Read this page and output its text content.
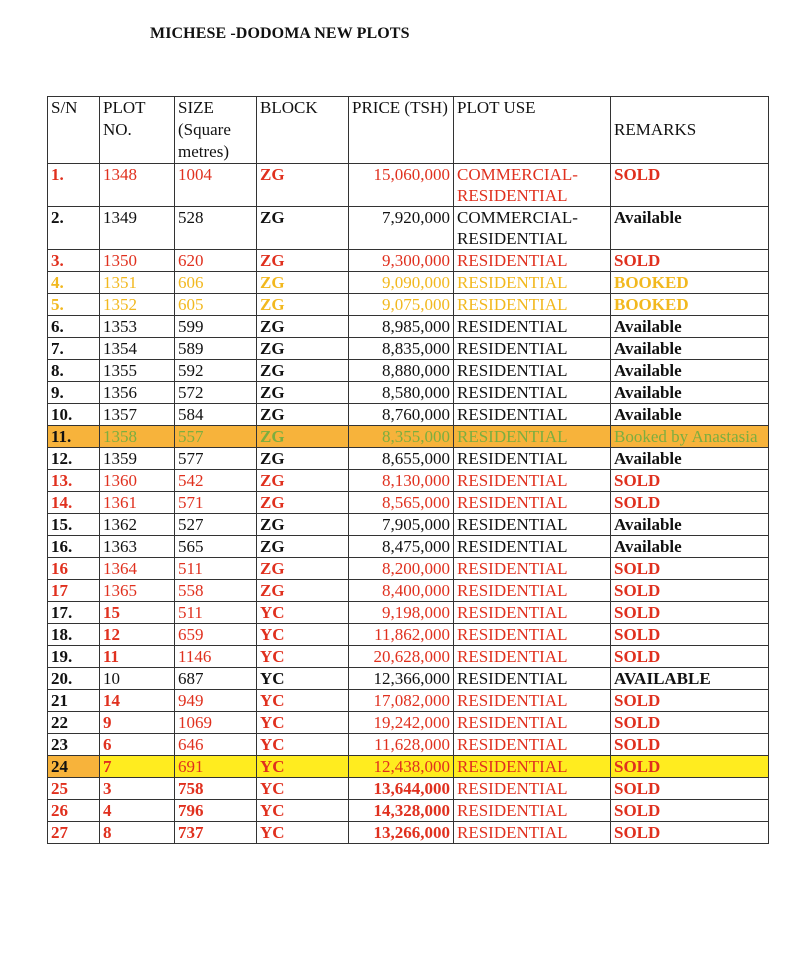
MICHESE -DODOMA NEW PLOTS
S/N	PLOT NO.	SIZE (Square metres)	BLOCK	PRICE (TSH)	PLOT USE	REMARKS
1.	1348	1004	ZG	15,060,000	COMMERCIAL-RESIDENTIAL	SOLD
2.	1349	528	ZG	7,920,000	COMMERCIAL-RESIDENTIAL	Available
3.	1350	620	ZG	9,300,000	RESIDENTIAL	SOLD
4.	1351	606	ZG	9,090,000	RESIDENTIAL	BOOKED
5.	1352	605	ZG	9,075,000	RESIDENTIAL	BOOKED
6.	1353	599	ZG	8,985,000	RESIDENTIAL	Available
7.	1354	589	ZG	8,835,000	RESIDENTIAL	Available
8.	1355	592	ZG	8,880,000	RESIDENTIAL	Available
9.	1356	572	ZG	8,580,000	RESIDENTIAL	Available
10.	1357	584	ZG	8,760,000	RESIDENTIAL	Available
11.	1358	557	ZG	8,355,000	RESIDENTIAL	Booked by Anastasia
12.	1359	577	ZG	8,655,000	RESIDENTIAL	Available
13.	1360	542	ZG	8,130,000	RESIDENTIAL	SOLD
14.	1361	571	ZG	8,565,000	RESIDENTIAL	SOLD
15.	1362	527	ZG	7,905,000	RESIDENTIAL	Available
16.	1363	565	ZG	8,475,000	RESIDENTIAL	Available
16	1364	511	ZG	8,200,000	RESIDENTIAL	SOLD
17	1365	558	ZG	8,400,000	RESIDENTIAL	SOLD
17.	15	511	YC	9,198,000	RESIDENTIAL	SOLD
18.	12	659	YC	11,862,000	RESIDENTIAL	SOLD
19.	11	1146	YC	20,628,000	RESIDENTIAL	SOLD
20.	10	687	YC	12,366,000	RESIDENTIAL	AVAILABLE
21	14	949	YC	17,082,000	RESIDENTIAL	SOLD
22	9	1069	YC	19,242,000	RESIDENTIAL	SOLD
23	6	646	YC	11,628,000	RESIDENTIAL	SOLD
24	7	691	YC	12,438,000	RESIDENTIAL	SOLD
25	3	758	YC	13,644,000	RESIDENTIAL	SOLD
26	4	796	YC	14,328,000	RESIDENTIAL	SOLD
27	8	737	YC	13,266,000	RESIDENTIAL	SOLD
